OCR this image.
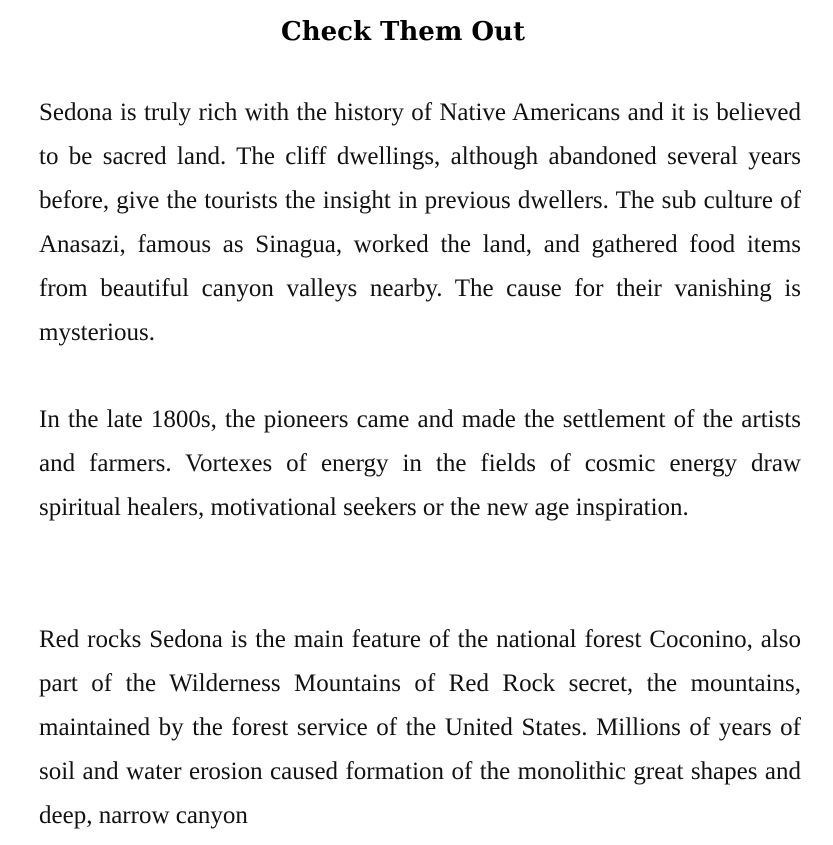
Check Them Out

Sedona is truly rich with the history of Native Americans and it is believed to be sacred land. The cliff dwellings, although abandoned several years before, give the tourists the insight in previous dwellers. The sub culture of Anasazi, famous as Sinagua, worked the land, and gathered food items from beautiful canyon valleys nearby. The cause for their vanishing is mysterious.

In the late 1800s, the pioneers came and made the settlement of the artists and farmers. Vortexes of energy in the fields of cosmic energy draw spiritual healers, motivational seekers or the new age inspiration.

Red rocks Sedona is the main feature of the national forest Coconino, also part of the Wilderness Mountains of Red Rock secret, the mountains, maintained by the forest service of the United States. Millions of years of soil and water erosion caused formation of the monolithic great shapes and deep, narrow canyon
